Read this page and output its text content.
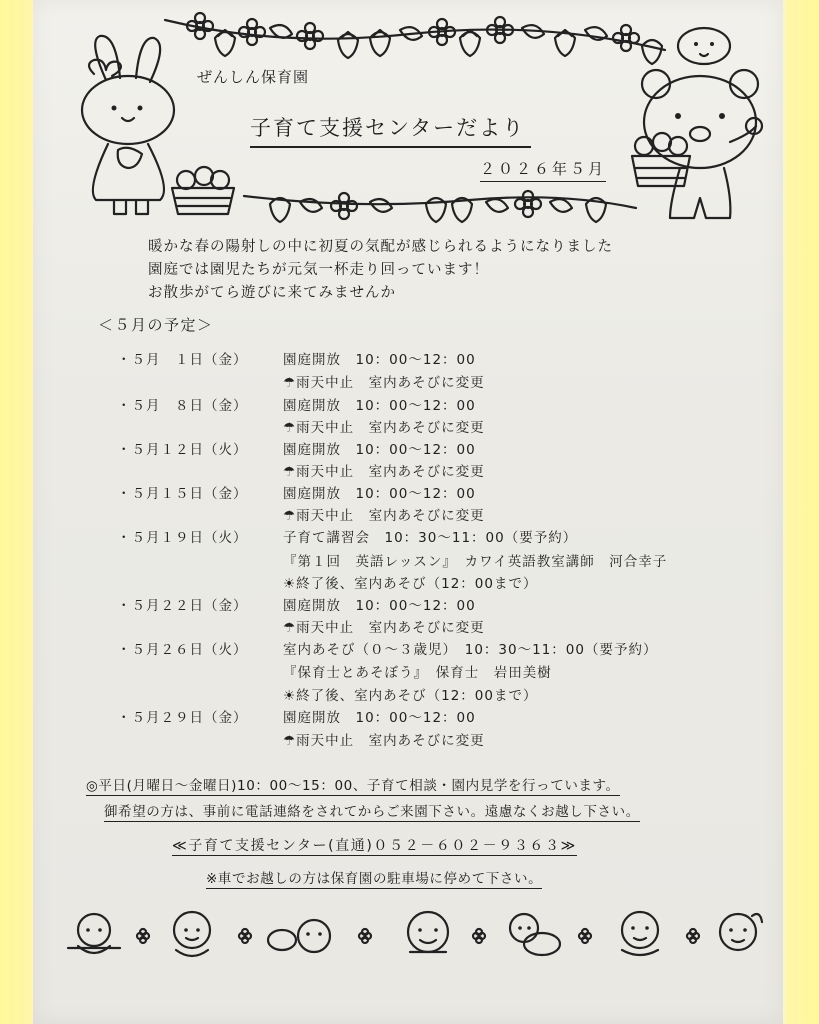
ぜんしん保育園
子育て支援センターだより
２０２６年５月
暖かな春の陽射しの中に初夏の気配が感じられるようになりました
園庭では園児たちが元気一杯走り回っています！
お散歩がてら遊びに来てみませんか
＜５月の予定＞
・５月　１日（金）	園庭開放　10：00〜12：00
☂雨天中止　室内あそびに変更
・５月　８日（金）	園庭開放　10：00〜12：00
☂雨天中止　室内あそびに変更
・５月１２日（火）	園庭開放　10：00〜12：00
☂雨天中止　室内あそびに変更
・５月１５日（金）	園庭開放　10：00〜12：00
☂雨天中止　室内あそびに変更
・５月１９日（火）	子育て講習会　10：30〜11：00（要予約）
『第１回　英語レッスン』　カワイ英語教室講師　河合幸子
☀終了後、室内あそび（12：00まで）
・５月２２日（金）	園庭開放　10：00〜12：00
☂雨天中止　室内あそびに変更
・５月２６日（火）	室内あそび（０〜３歳児）　10：30〜11：00（要予約）
『保育士とあそぼう』　保育士　岩田美樹
☀終了後、室内あそび（12：00まで）
・５月２９日（金）	園庭開放　10：00〜12：00
☂雨天中止　室内あそびに変更
◎平日(月曜日〜金曜日)10：00〜15：00、子育て相談・園内見学を行っています。
御希望の方は、事前に電話連絡をされてからご来園下さい。遠慮なくお越し下さい。
≪子育て支援センター(直通)０５２－６０２－９３６３≫
※車でお越しの方は保育園の駐車場に停めて下さい。
